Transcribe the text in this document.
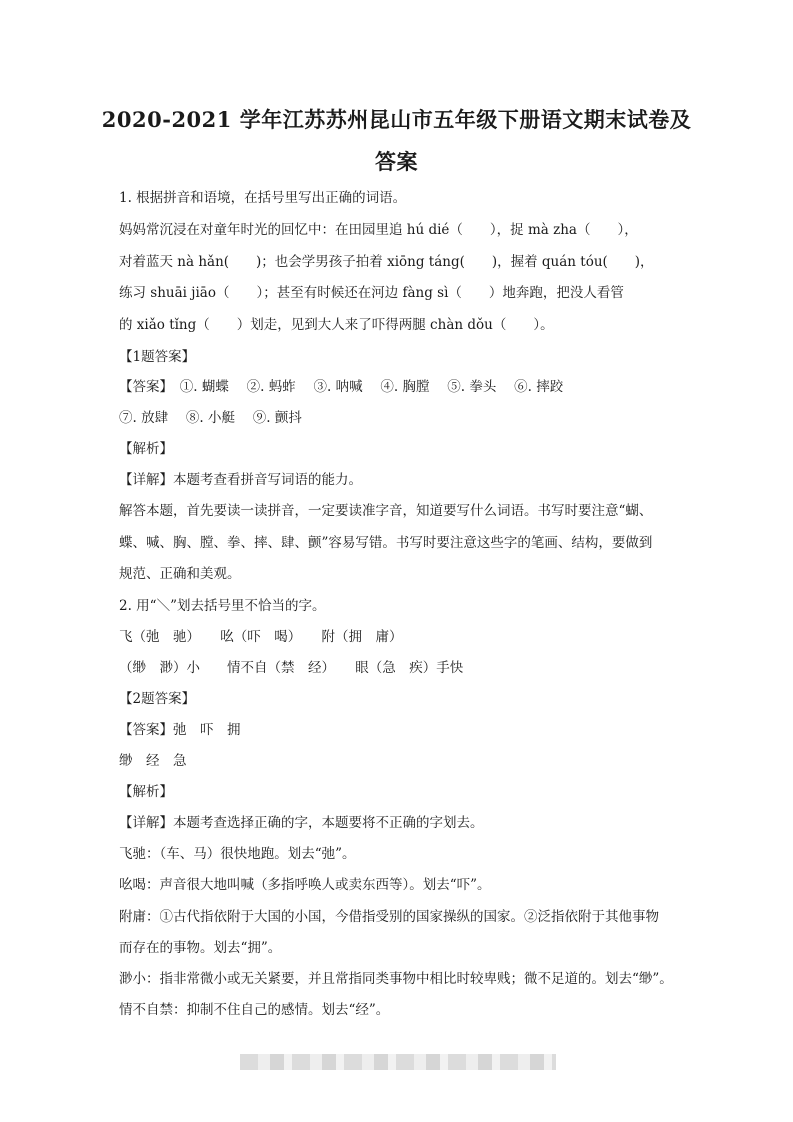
2020-2021 学年江苏苏州昆山市五年级下册语文期末试卷及
答案
1. 根据拼音和语境，在括号里写出正确的词语。
妈妈常沉浸在对童年时光的回忆中：在田园里追 hú dié（　　），捉 mà zha（　　），
对着蓝天 nà hǎn(　　)；也会学男孩子拍着 xiōng táng(　　)，握着 quán tóu(　　)，
练习 shuāi jiāo（　　）；甚至有时候还在河边 fàng sì（　　）地奔跑，把没人看管
的 xiǎo tǐng（　　）划走，见到大人来了吓得两腿 chàn dǒu（　　）。
【1题答案】
【答案】　①. 蝴蝶　 ②. 蚂蚱　 ③. 呐喊　 ④. 胸膛　 ⑤. 拳头　 ⑥. 摔跤
⑦. 放肆　 ⑧. 小艇　 ⑨. 颤抖
【解析】
【详解】本题考查看拼音写词语的能力。
解答本题，首先要读一读拼音，一定要读准字音，知道要写什么词语。书写时要注意“蝴、
蝶、喊、胸、膛、拳、摔、肆、颤”容易写错。书写时要注意这些字的笔画、结构，要做到
规范、正确和美观。
2. 用“＼”划去括号里不恰当的字。
飞（弛　驰）　　吆（吓　喝）　　附（拥　庸）
（缈　渺）小　　情不自（禁　经）　　眼（急　疾）手快
【2题答案】
【答案】弛　吓　拥
缈　经　急
【解析】
【详解】本题考查选择正确的字，本题要将不正确的字划去。
飞驰：（车、马）很快地跑。划去“弛”。
吆喝：声音很大地叫喊（多指呼唤人或卖东西等）。划去“吓”。
附庸：①古代指依附于大国的小国，今借指受别的国家操纵的国家。②泛指依附于其他事物
而存在的事物。划去“拥”。
渺小：指非常微小或无关紧要，并且常指同类事物中相比时较卑贱；微不足道的。划去“缈”。
情不自禁：抑制不住自己的感情。划去“经”。
